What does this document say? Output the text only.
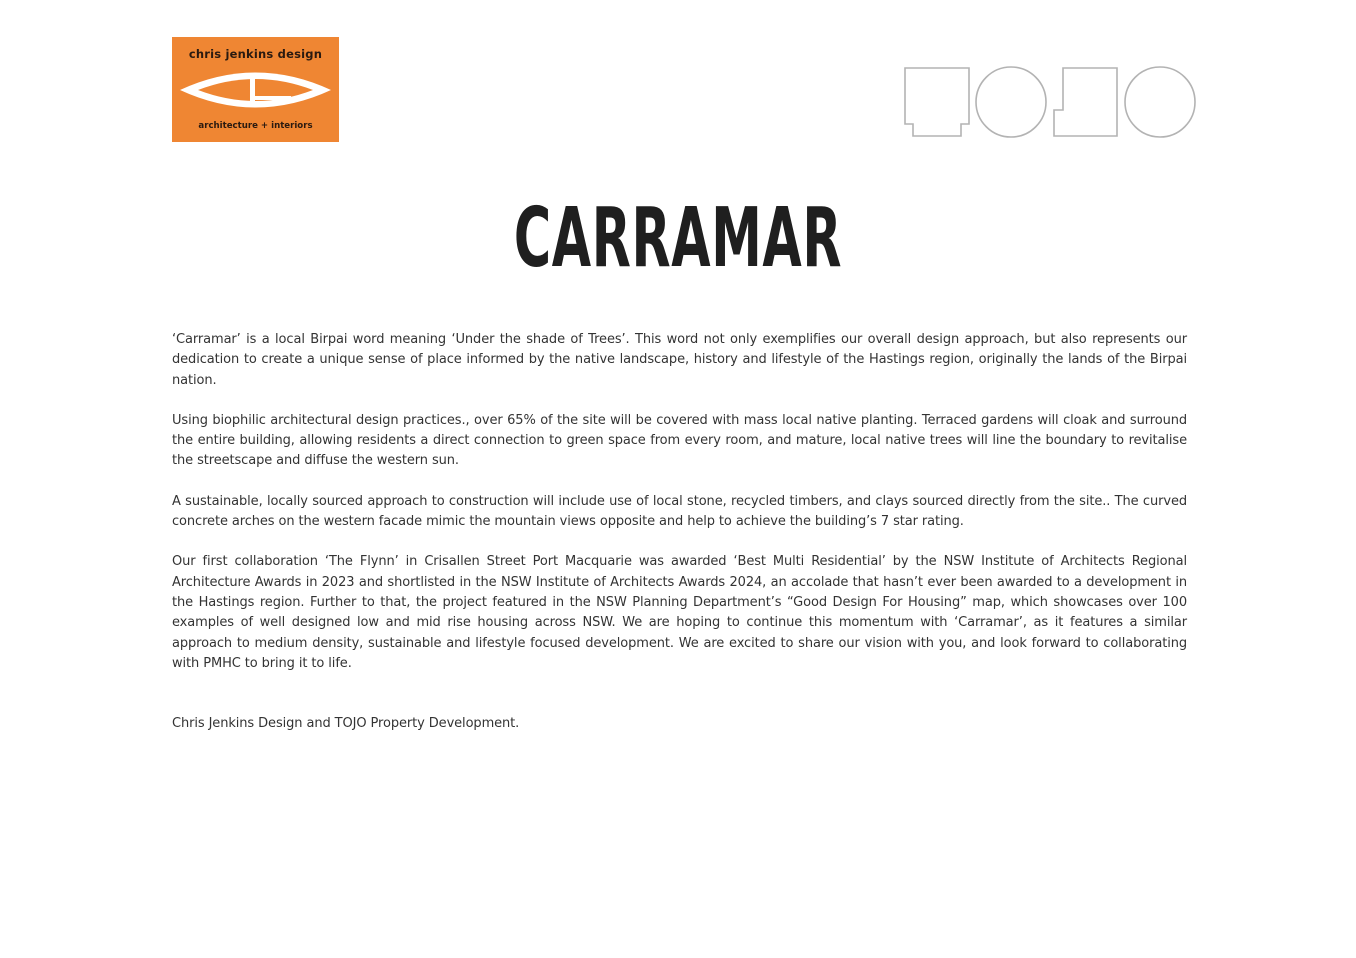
chris jenkins design
architecture + interiors
CARRAMAR

‘Carramar’ is a local Birpai word meaning ‘Under the shade of Trees’. This word not only exemplifies our overall design approach, but also represents our dedication to create a unique sense of place informed by the native landscape, history and lifestyle of the Hastings region, originally the lands of the Birpai nation.

Using biophilic architectural design practices., over 65% of the site will be covered with mass local native planting. Terraced gardens will cloak and surround the entire building, allowing residents a direct connection to green space from every room, and mature, local native trees will line the boundary to revitalise the streetscape and diffuse the western sun.

A sustainable, locally sourced approach to construction will include use of local stone, recycled timbers, and clays sourced directly from the site.. The curved concrete arches on the western facade mimic the mountain views opposite and help to achieve the building’s 7 star rating.

Our first collaboration ‘The Flynn’ in Crisallen Street Port Macquarie was awarded ‘Best Multi Residential’ by the NSW Institute of Architects Regional Architecture Awards in 2023 and shortlisted in the NSW Institute of Architects Awards 2024, an accolade that hasn’t ever been awarded to a development in the Hastings region. Further to that, the project featured in the NSW Planning Department’s “Good Design For Housing” map, which showcases over 100 examples of well designed low and mid rise housing across NSW. We are hoping to continue this momentum with ‘Carramar’, as it features a similar approach to medium density, sustainable and lifestyle focused development. We are excited to share our vision with you, and look forward to collaborating with PMHC to bring it to life.

Chris Jenkins Design and TOJO Property Development.
